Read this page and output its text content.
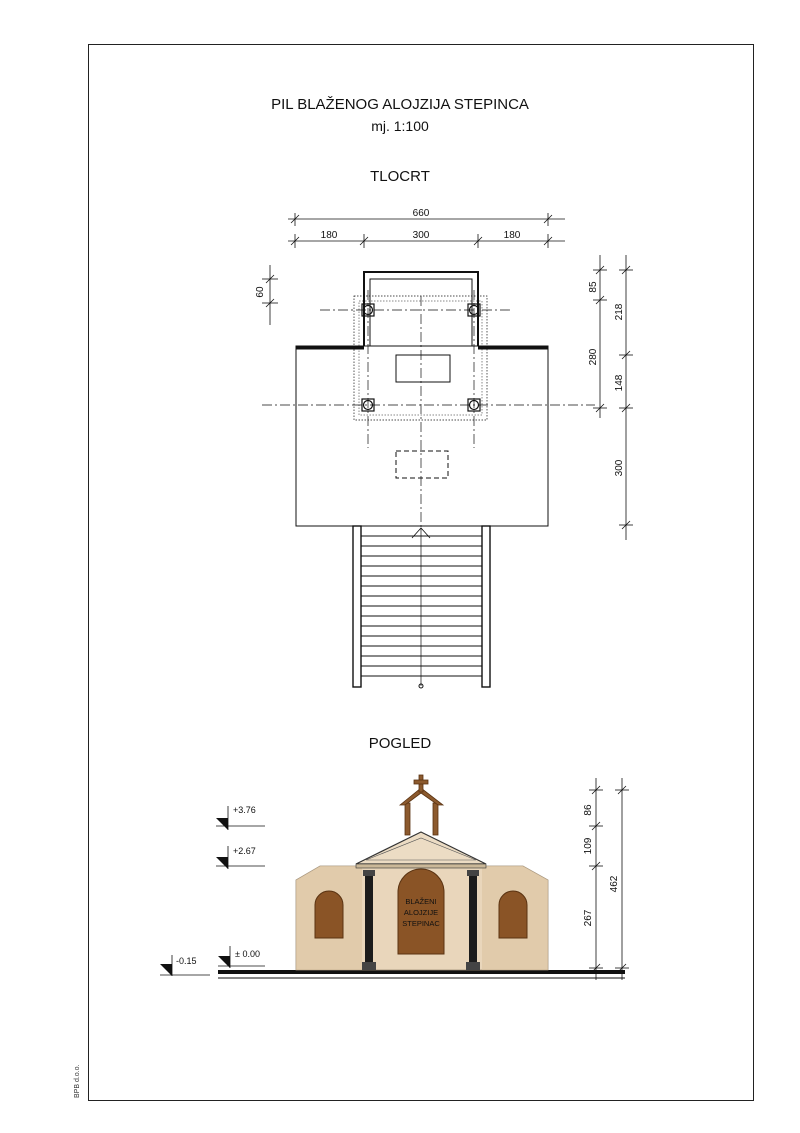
PIL BLAŽENOG ALOJZIJA STEPINCA
mj. 1:100
TLOCRT
POGLED
BPB d.o.o.
660
180	300	180
60	85
280
218
148
300
+3.76
+2.67
± 0.00
-0.15
BLAŽENI
ALOJZIJE
STEPINAC
86
109
267
462
